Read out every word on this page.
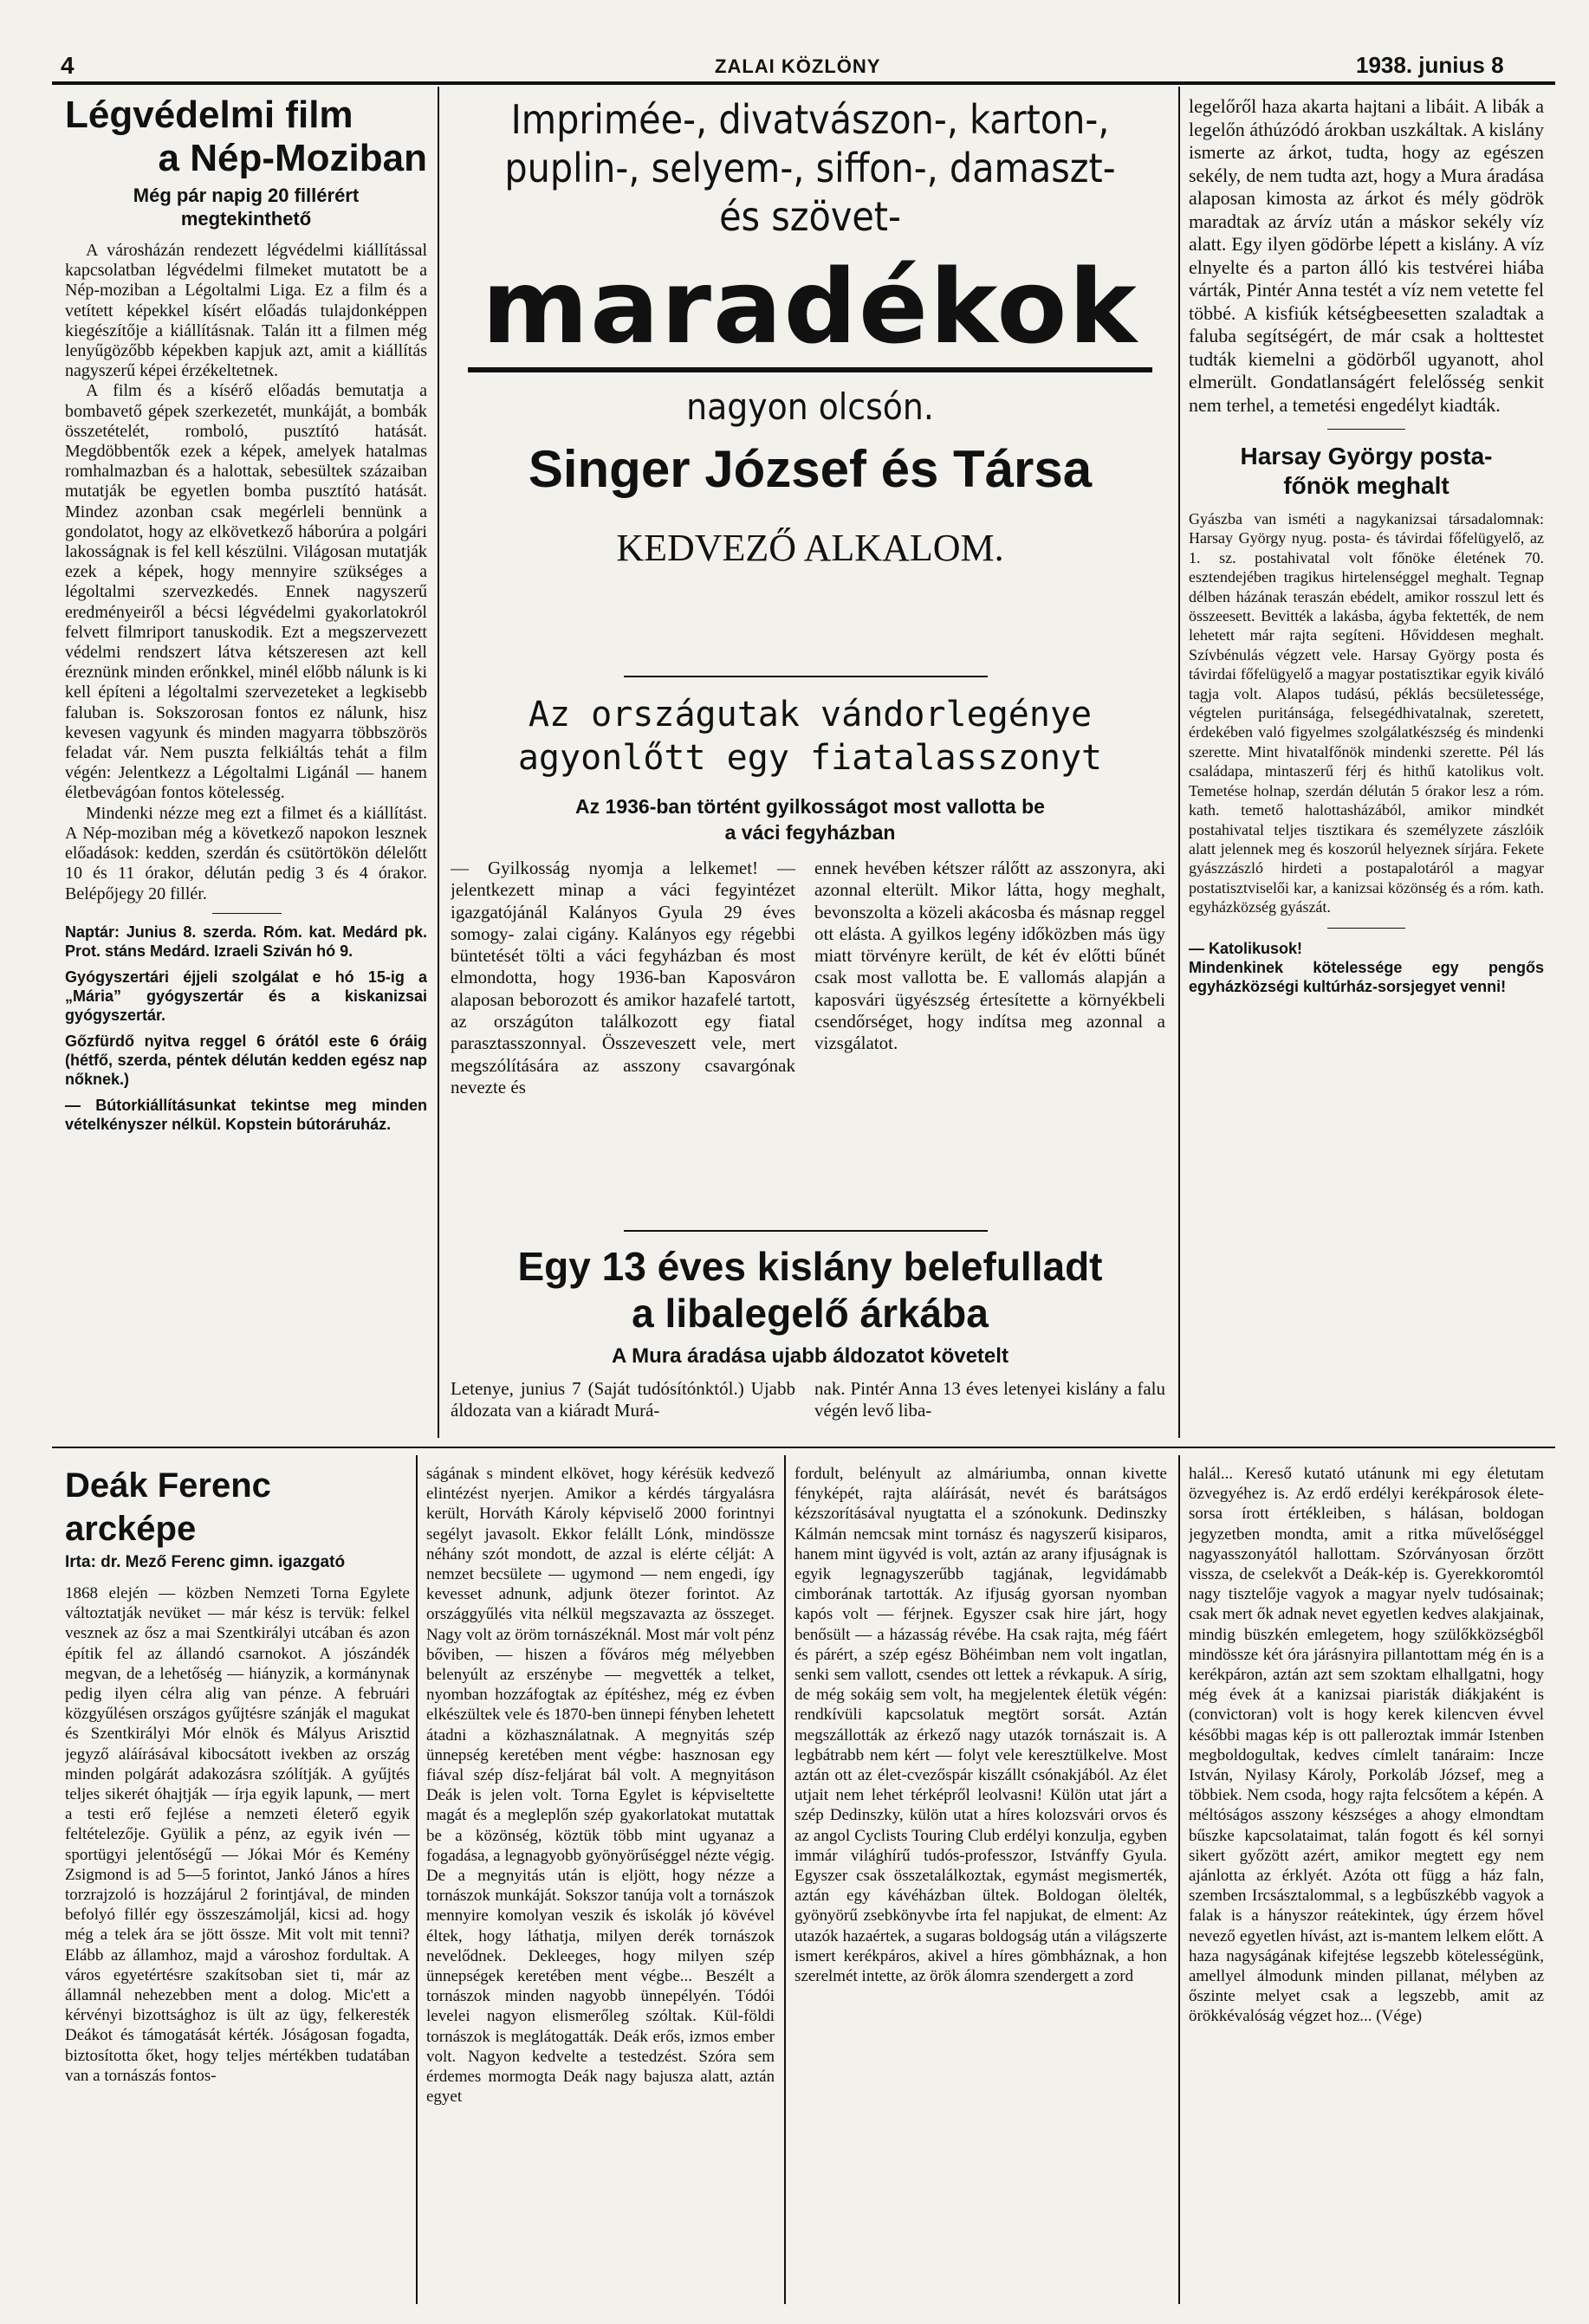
4	ZALAI KÖZLÖNY	1938. junius 8
Légvédelmi film
a Nép-Moziban
Még pár napig 20 fillérért
megtekinthető

A városházán rendezett légvédelmi kiállítással kapcsolatban légvédelmi filmeket mutatott be a Nép-moziban a Légoltalmi Liga. Ez a film és a vetített képekkel kísért előadás tulajdonképpen kiegészítője a kiállításnak. Talán itt a filmen még lenyűgözőbb képekben kapjuk azt, amit a kiállítás nagyszerű képei érzékeltetnek.

A film és a kísérő előadás bemutatja a bombavető gépek szerkezetét, munkáját, a bombák összetételét, romboló, pusztító hatását. Megdöbbentők ezek a képek, amelyek hatalmas romhalmazban és a halottak, sebesültek százaiban mutatják be egyetlen bomba pusztító hatását. Mindez azonban csak megérleli bennünk a gondolatot, hogy az elkövetkező háborúra a polgári lakosságnak is fel kell készülni. Világosan mutatják ezek a képek, hogy mennyire szükséges a légoltalmi szervezkedés. Ennek nagyszerű eredményeiről a bécsi légvédelmi gyakorlatokról felvett filmriport tanuskodik. Ezt a megszervezett védelmi rendszert látva kétszeresen azt kell éreznünk minden erőnkkel, minél előbb nálunk is ki kell építeni a légoltalmi szervezeteket a legkisebb faluban is. Sokszorosan fontos ez nálunk, hisz kevesen vagyunk és minden magyarra többszörös feladat vár. Nem puszta felkiáltás tehát a film végén: Jelentkezz a Légoltalmi Ligánál — hanem életbevágóan fontos kötelesség.

Mindenki nézze meg ezt a filmet és a kiállítást. A Nép-moziban még a következő napokon lesznek előadások: kedden, szerdán és csütörtökön délelőtt 10 és 11 órakor, délután pedig 3 és 4 órakor. Belépőjegy 20 fillér.

Naptár: Junius 8. szerda. Róm. kat. Medárd pk. Prot. stáns Medárd. Izraeli Sziván hó 9.
Gyógyszertári éjjeli szolgálat e hó 15-ig a „Mária” gyógyszertár és a kiskanizsai gyógyszertár.
Gőzfürdő nyitva reggel 6 órától este 6 óráig (hétfő, szerda, péntek délután kedden egész nap nőknek.)
— Bútorkiállításunkat tekintse meg minden vételkényszer nélkül. Kopstein bútoráruház.
Imprimée-, divatvászon-, karton-,
puplin-, selyem-, siffon-, damaszt-
és szövet-
maradékok
nagyon olcsón.
Singer József és Társa
KEDVEZŐ ALKALOM.
Az országutak vándorlegénye
agyonlőtt egy fiatalasszonyt
Az 1936-ban történt gyilkosságot most vallotta be
a váci fegyházban
— Gyilkosság nyomja a lelkemet! — jelentkezett minap a váci fegyintézet igazgatójánál Kalányos Gyula 29 éves somogy- zalai cigány. Kalányos egy régebbi büntetését tölti a váci fegyházban és most elmondotta, hogy 1936-ban Kaposváron alaposan beborozott és amikor hazafelé tartott, az országúton találkozott egy fiatal parasztasszonnyal. Összeveszett vele, mert megszólítására az asszony csavargónak nevezte és
ennek hevében kétszer rálőtt az asszonyra, aki azonnal elterült. Mikor látta, hogy meghalt, bevonszolta a közeli akácosba és másnap reggel ott elásta. A gyilkos legény időközben más ügy miatt törvényre került, de két év előtti bűnét csak most vallotta be. E vallomás alapján a kaposvári ügyészség értesítette a környékbeli csendőrséget, hogy indítsa meg azonnal a vizsgálatot.
Egy 13 éves kislány belefulladt
a libalegelő árkába
A Mura áradása ujabb áldozatot követelt
Letenye, junius 7 (Saját tudósítónktól.) Ujabb áldozata van a kiáradt Murá-
nak. Pintér Anna 13 éves letenyei kislány a falu végén levő liba-
legelőről haza akarta hajtani a libáit. A libák a legelőn áthúzódó árokban uszkáltak. A kislány ismerte az árkot, tudta, hogy az egészen sekély, de nem tudta azt, hogy a Mura áradása alaposan kimosta az árkot és mély gödrök maradtak az árvíz után a máskor sekély víz alatt. Egy ilyen gödörbe lépett a kislány. A víz elnyelte és a parton álló kis testvérei hiába várták, Pintér Anna testét a víz nem vetette fel többé. A kisfiúk kétségbeesetten szaladtak a faluba segítségért, de már csak a holttestet tudták kiemelni a gödörből ugyanott, ahol elmerült. Gondatlanságért felelősség senkit nem terhel, a temetési engedélyt kiadták.
Harsay György posta-
főnök meghalt
Gyászba van isméti a nagykanizsai társadalomnak: Harsay György nyug. posta- és távirdai főfelügyelő, az 1. sz. postahivatal volt főnöke életének 70. esztendejében tragikus hirtelenséggel meghalt. Tegnap délben házának teraszán ebédelt, amikor rosszul lett és összeesett. Bevitték a lakásba, ágyba fektették, de nem lehetett már rajta segíteni. Hőviddesen meghalt. Szívbénulás végzett vele. Harsay György posta és távirdai főfelügyelő a magyar postatisztikar egyik kiváló tagja volt. Alapos tudású, péklás becsületessége, végtelen puritánsága, felsegédhivatalnak, szeretett, érdekében való figyelmes szolgálatkészség és mindenki szerette. Mint hivatalfőnök mindenki szerette. Pél lás családapa, mintaszerű férj és hithű katolikus volt. Temetése holnap, szerdán délután 5 órakor lesz a róm. kath. temető halottasházából, amikor mindkét postahivatal teljes tisztikara és személyzete zászlóik alatt jelennek meg és koszorúl helyeznek sírjára. Fekete gyászzászló hirdeti a postapalotáról a magyar postatisztviselői kar, a kanizsai közönség és a róm. kath. egyházközség gyászát.
— Katolikusok!
Mindenkinek kötelessége egy pengős egyházközségi kultúrház-sorsjegyet venni!
Deák Ferenc arcképe
Irta: dr. Mező Ferenc gimn. igazgató
1868 elején — közben Nemzeti Torna Egylete változtatják nevüket — már kész is tervük: felkel vesznek az ősz a mai Szentkirályi utcában és azon építik fel az állandó csarnokot. A jószándék megvan, de a lehetőség — hiányzik, a kormánynak pedig ilyen célra alig van pénze. A februári közgyűlésen országos gyűjtésre szánják el magukat és Szentkirályi Mór elnök és Mályus Arisztid jegyző aláírásával kibocsátott ivekben az ország minden polgárát adakozásra szólítják. A gyűjtés teljes sikerét óhajtják — írja egyik lapunk, — mert a testi erő fejlése a nemzeti életerő egyik feltételezője. Gyülik a pénz, az egyik ivén — sportügyi jelentőségű — Jókai Mór és Kemény Zsigmond is ad 5—5 forintot, Jankó János a híres torzrajzoló is hozzájárul 2 forintjával, de minden befolyó fillér egy összeszámoljál, kicsi ad. hogy még a telek ára se jött össze. Mit volt mit tenni? Elább az államhoz, majd a városhoz fordultak. A város egyetértésre szakítsoban siet ti, már az államnál nehezebben ment a dolog. Mic'ett a kérvényi bizottsághoz is ült az ügy, felkeresték Deákot és támogatását kérték. Jóságosan fogadta, biztosította őket, hogy teljes mértékben tudatában van a tornászás fontos-
ságának s mindent elkövet, hogy kérésük kedvező elintézést nyerjen. Amikor a kérdés tárgyalásra került, Horváth Károly képviselő 2000 forintnyi segélyt javasolt. Ekkor felállt Lónk, mindössze néhány szót mondott, de azzal is elérte célját: A nemzet becsülete — ugymond — nem engedi, így kevesset adnunk, adjunk ötezer forintot. Az országgyűlés vita nélkül megszavazta az összeget. Nagy volt az öröm tornászéknál. Most már volt pénz bőviben, — hiszen a főváros még mélyebben belenyúlt az erszénybe — megvették a telket, nyomban hozzáfogtak az építéshez, még ez évben elkészültek vele és 1870-ben ünnepi fényben lehetett átadni a közhasználatnak. A megnyitás szép ünnepség keretében ment végbe: hasznosan egy fiával szép dísz-feljárat bál volt. A megnyitáson Deák is jelen volt. Torna Egylet is képviseltette magát és a megleplőn szép gyakorlatokat mutattak be a közönség, köztük több mint ugyanaz a fogadása, a legnagyobb gyönyörűséggel nézte végig. De a megnyitás után is eljött, hogy nézze a tornászok munkáját. Sokszor tanúja volt a tornászok mennyire komolyan veszik és iskolák jó kövével éltek, hogy láthatja, milyen derék tornászok nevelődnek. Dekleeges, hogy milyen szép ünnepségek keretében ment végbe... Beszélt a tornászok minden nagyobb ünnepélyén. Tódói levelei nagyon elismerőleg szóltak. Kül-földi tornászok is meglátogatták. Deák erős, izmos ember volt. Nagyon kedvelte a testedzést. Szóra sem érdemes mormogta Deák nagy bajusza alatt, aztán egyet
fordult, belényult az almáriumba, onnan kivette fényképét, rajta aláírását, nevét és barátságos kézszorításával nyugtatta el a szónokunk. Dedinszky Kálmán nemcsak mint tornász és nagyszerű kisiparos, hanem mint ügyvéd is volt, aztán az arany ifjuságnak is egyik legnagyszerűbb tagjának, legvidámabb cimborának tartották. Az ifjuság gyorsan nyomban kapós volt — férjnek. Egyszer csak hire járt, hogy benősült — a házasság révébe. Ha csak rajta, még fáért és párért, a szép egész Böhéimban nem volt ingatlan, senki sem vallott, csendes ott lettek a révkapuk. A sírig, de még sokáig sem volt, ha megjelentek életük végén: rendkívüli kapcsolatuk megtört sorsát. Aztán megszállották az érkező nagy utazók tornászait is. A legbátrabb nem kért — folyt vele keresztülkelve. Most aztán ott az élet-cvezőspár kiszállt csónakjából. Az élet utjait nem lehet térképről leolvasni! Külön utat járt a szép Dedinszky, külön utat a híres kolozsvári orvos és az angol Cyclists Touring Club erdélyi konzulja, egyben immár világhírű tudós-professzor, Istvánffy Gyula. Egyszer csak összetalálkoztak, egymást megismerték, aztán egy kávéházban ültek. Boldogan ölelték, gyönyörű zsebkönyvbe írta fel napjukat, de elment: Az utazók hazaértek, a sugaras boldogság után a világszerte ismert kerékpáros, akivel a híres gömbháznak, a hon szerelmét intette, az örök álomra szendergett a zord
halál... Kereső kutató utánunk mi egy életutam özvegyéhez is. Az erdő erdélyi kerékpárosok élete-sorsa írott értékleiben, s hálásan, boldogan jegyzetben mondta, amit a ritka művelőséggel nagyasszonyától hallottam. Szórványosan őrzött vissza, de cselekvőt a Deák-kép is. Gyerekkoromtól nagy tisztelője vagyok a magyar nyelv tudósainak; csak mert ők adnak nevet egyetlen kedves alakjainak, mindig büszkén emlegetem, hogy szülőkközségből mindössze két óra járásnyira pillantottam még én is a kerékpáron, aztán azt sem szoktam elhallgatni, hogy még évek át a kanizsai piaristák diákjaként is (convictoran) volt is hogy kerek kilencven évvel későbbi magas kép is ott palleroztak immár Istenben megboldogultak, kedves címlelt tanáraim: Incze István, Nyilasy Károly, Porkoláb József, meg a többiek. Nem csoda, hogy rajta felcsőtem a képén. A méltóságos asszony készséges a ahogy elmondtam bűszke kapcsolataimat, talán fogott és kél sornyi sikert győzött azért, amikor megtett egy nem ajánlotta az érklyét. Azóta ott függ a ház faln, szemben Ircsásztalommal, s a legbűszkébb vagyok a falak is a hányszor reátekintek, úgy érzem hővel nevező egyetlen hívást, azt is-mantem lelkem előtt. A haza nagyságának kifejtése legszebb kötelességünk, amellyel álmodunk minden pillanat, mélyben az őszinte melyet csak a legszebb, amit az örökkévalóság végzet hoz... (Vége)
